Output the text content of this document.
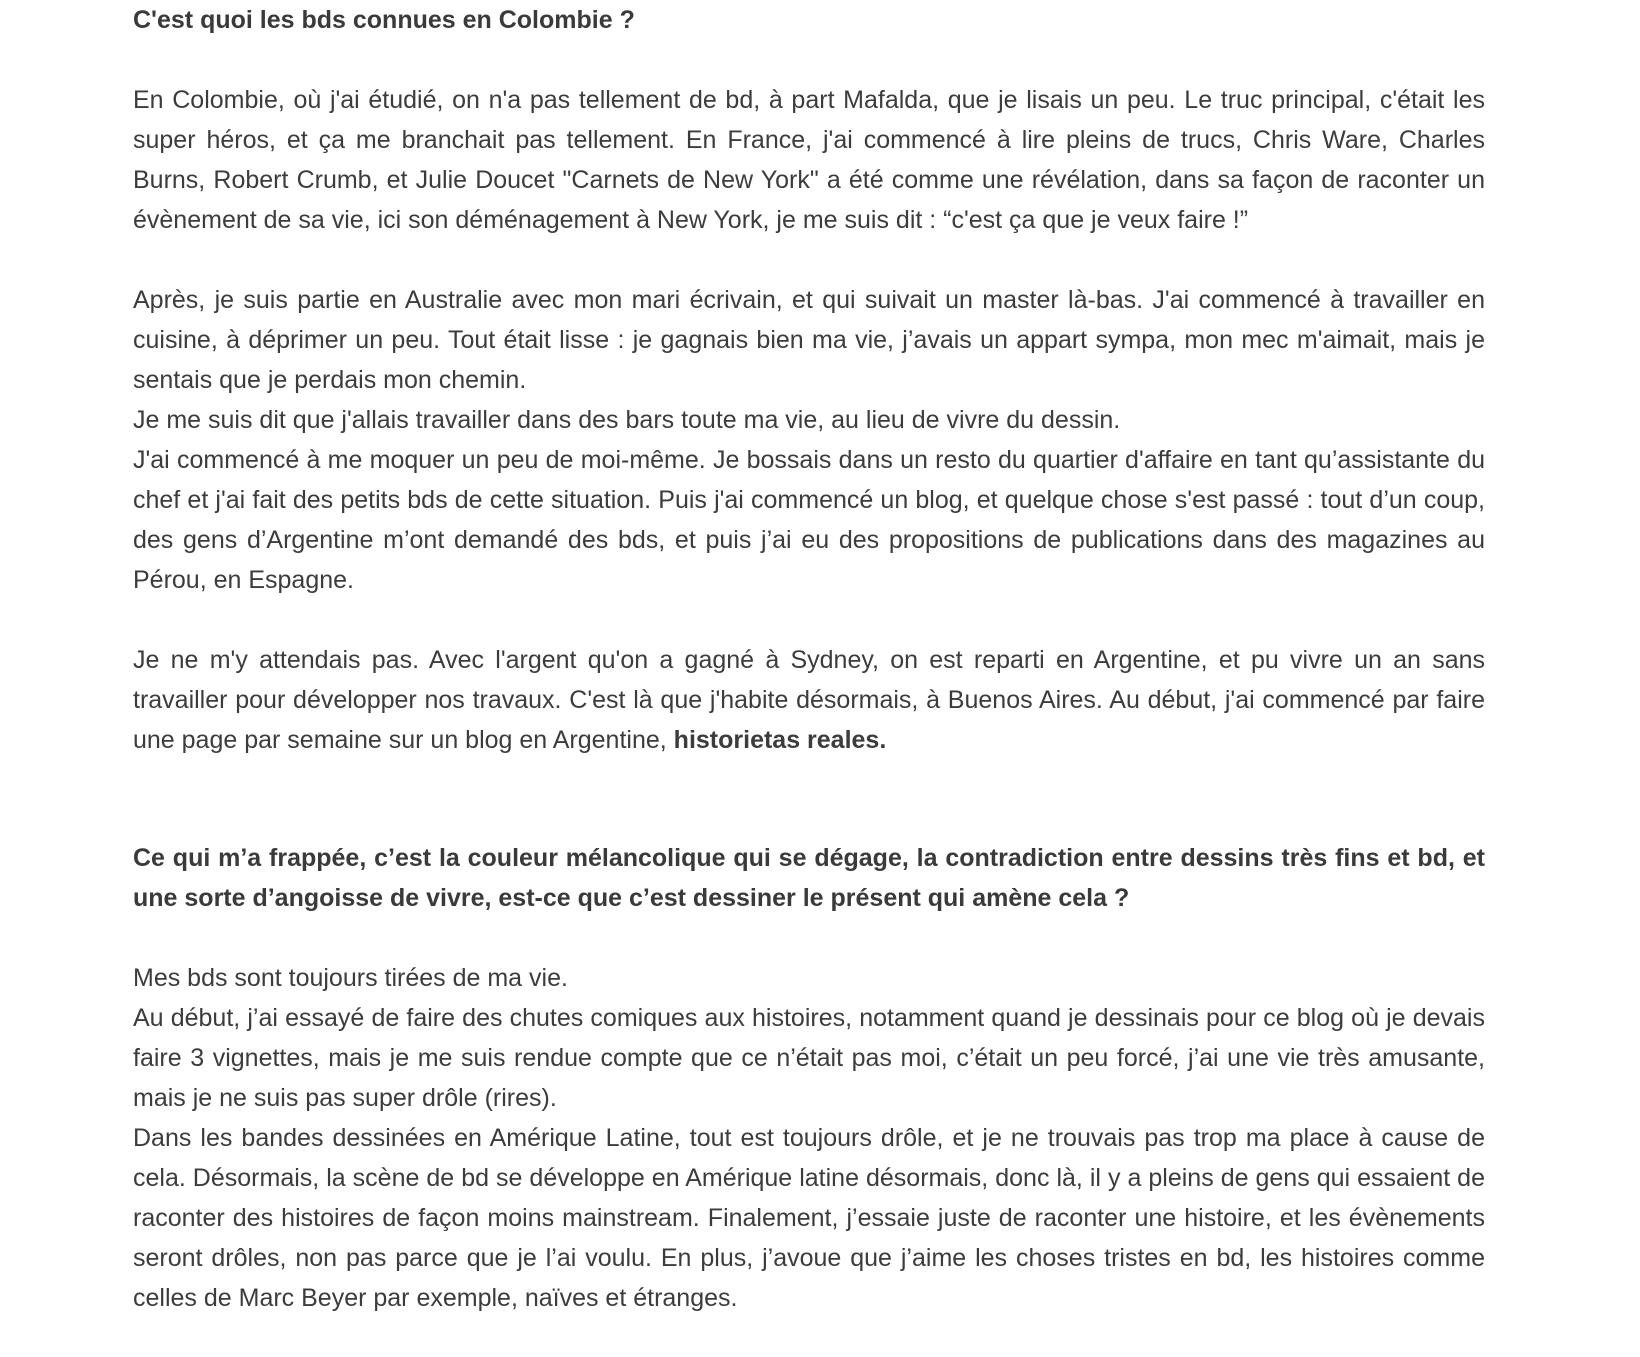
C'est quoi les bds connues en Colombie ?

En Colombie, où j'ai étudié, on n'a pas tellement de bd, à part Mafalda, que je lisais un peu. Le truc principal, c'était les super héros, et ça me branchait pas tellement. En France, j'ai commencé à lire pleins de trucs, Chris Ware, Charles Burns, Robert Crumb, et Julie Doucet "Carnets de New York" a été comme une révélation, dans sa façon de raconter un évènement de sa vie, ici son déménagement à New York, je me suis dit : “c'est ça que je veux faire !”

Après, je suis partie en Australie avec mon mari écrivain, et qui suivait un master là-bas. J'ai commencé à travailler en cuisine, à déprimer un peu. Tout était lisse : je gagnais bien ma vie, j’avais un appart sympa, mon mec m'aimait, mais je sentais que je perdais mon chemin.

Je me suis dit que j'allais travailler dans des bars toute ma vie, au lieu de vivre du dessin.

J'ai commencé à me moquer un peu de moi-même. Je bossais dans un resto du quartier d'affaire en tant qu’assistante du chef et j'ai fait des petits bds de cette situation. Puis j'ai commencé un blog, et quelque chose s'est passé : tout d’un coup, des gens d’Argentine m’ont demandé des bds, et puis j’ai eu des propositions de publications dans des magazines au Pérou, en Espagne.

Je ne m'y attendais pas. Avec l'argent qu'on a gagné à Sydney, on est reparti en Argentine, et pu vivre un an sans travailler pour développer nos travaux. C'est là que j'habite désormais, à Buenos Aires. Au début, j'ai commencé par faire une page par semaine sur un blog en Argentine, historietas reales.

Ce qui m’a frappée, c’est la couleur mélancolique qui se dégage, la contradiction entre dessins très fins et bd, et une sorte d’angoisse de vivre, est-ce que c’est dessiner le présent qui amène cela ?

Mes bds sont toujours tirées de ma vie.

Au début, j’ai essayé de faire des chutes comiques aux histoires, notamment quand je dessinais pour ce blog où je devais faire 3 vignettes, mais je me suis rendue compte que ce n’était pas moi, c’était un peu forcé, j’ai une vie très amusante, mais je ne suis pas super drôle (rires).

Dans les bandes dessinées en Amérique Latine, tout est toujours drôle, et je ne trouvais pas trop ma place à cause de cela. Désormais, la scène de bd se développe en Amérique latine désormais, donc là, il y a pleins de gens qui essaient de raconter des histoires de façon moins mainstream. Finalement, j’essaie juste de raconter une histoire, et les évènements seront drôles, non pas parce que je l’ai voulu. En plus, j’avoue que j’aime les choses tristes en bd, les histoires comme celles de Marc Beyer par exemple, naïves et étranges.
